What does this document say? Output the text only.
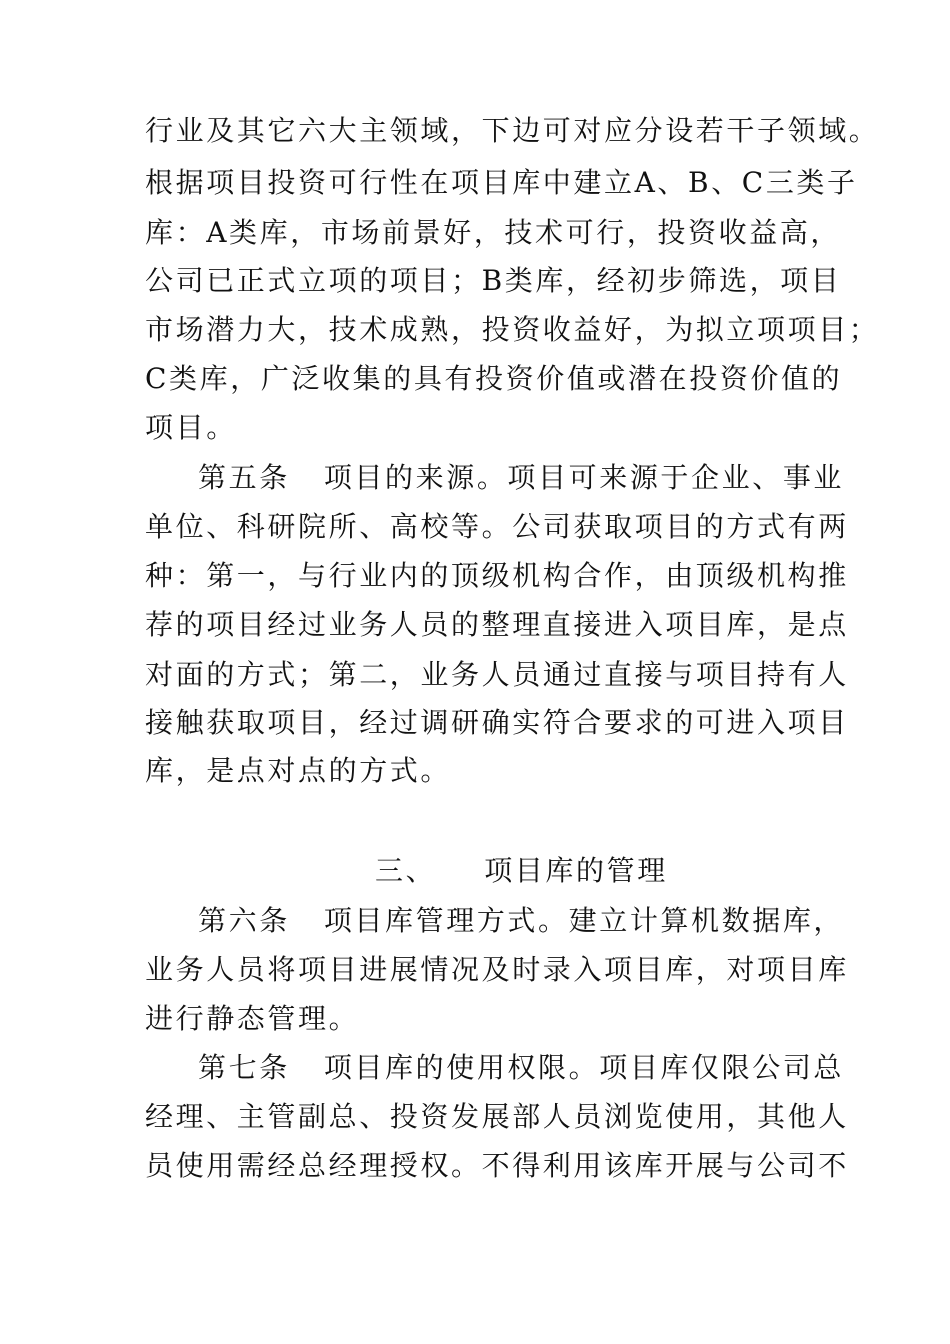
行业及其它六大主领域，下边可对应分设若干子领域。
根据项目投资可行性在项目库中建立A、B、C三类子
库：A类库，市场前景好，技术可行，投资收益高，
公司已正式立项的项目；B类库，经初步筛选，项目
市场潜力大，技术成熟，投资收益好，为拟立项项目；
C类库，广泛收集的具有投资价值或潜在投资价值的
项目。
第五条 项目的来源。项目可来源于企业、事业
单位、科研院所、高校等。公司获取项目的方式有两
种：第一，与行业内的顶级机构合作，由顶级机构推
荐的项目经过业务人员的整理直接进入项目库，是点
对面的方式；第二，业务人员通过直接与项目持有人
接触获取项目，经过调研确实符合要求的可进入项目
库，是点对点的方式。
三、 项目库的管理
第六条 项目库管理方式。建立计算机数据库，
业务人员将项目进展情况及时录入项目库，对项目库
进行静态管理。
第七条 项目库的使用权限。项目库仅限公司总
经理、主管副总、投资发展部人员浏览使用，其他人
员使用需经总经理授权。不得利用该库开展与公司不
